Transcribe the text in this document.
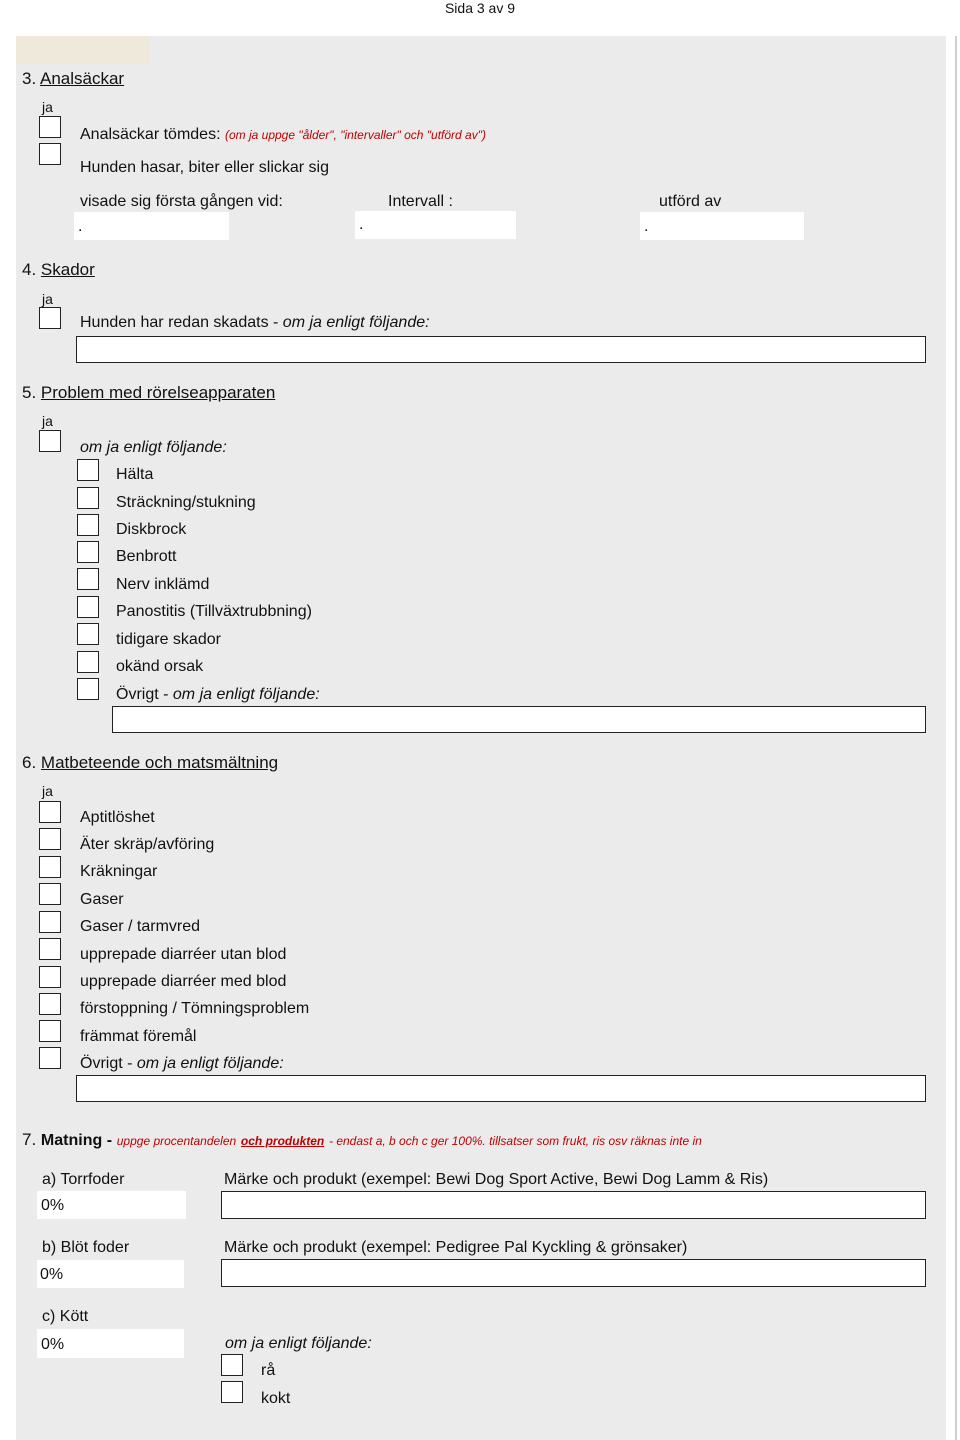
Sida 3 av 9
3. Analsäckar
ja
Analsäckar tömdes: (om ja uppge "ålder", "intervaller" och "utförd av")
Hunden hasar, biter eller slickar sig
visade sig första gången vid:	Intervall :	utförd av
.	.	.
4. Skador
ja
Hunden har redan skadats - om ja enligt följande:
5. Problem med rörelseapparaten
ja
om ja enligt följande:
Hälta
Sträckning/stukning
Diskbrock
Benbrott
Nerv inklämd
Panostitis (Tillväxtrubbning)
tidigare skador
okänd orsak
Övrigt - om ja enligt följande:
6. Matbeteende och matsmältning
ja
Aptitlöshet
Äter skräp/avföring
Kräkningar
Gaser
Gaser / tarmvred
upprepade diarréer utan blod
upprepade diarréer med blod
förstoppning / Tömningsproblem
främmat föremål
Övrigt - om ja enligt följande:
7. Matning - uppge procentandelen och produkten - endast a, b och c ger 100%. tillsatser som frukt, ris osv räknas inte in
a) Torrfoder	Märke och produkt (exempel: Bewi Dog Sport Active, Bewi Dog Lamm & Ris)
0%
b) Blöt foder	Märke och produkt (exempel: Pedigree Pal Kyckling & grönsaker)
0%
c) Kött
0%	om ja enligt följande:
rå
kokt
